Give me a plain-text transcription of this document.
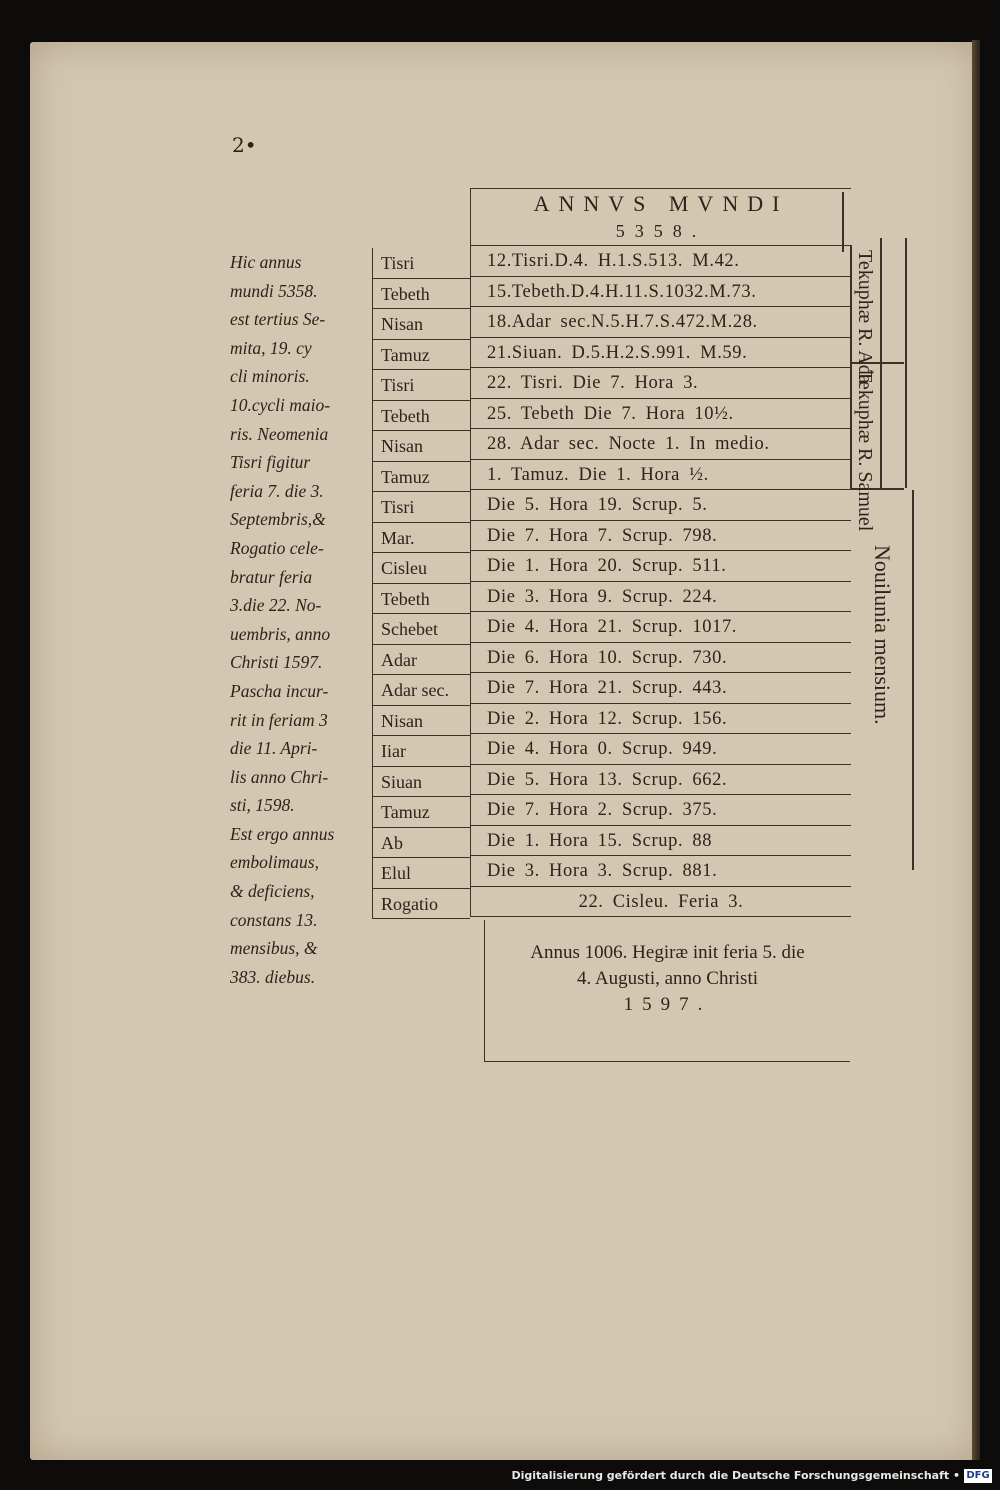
2•
Hic annus
mundi 5358.
est tertius Se-
mita, 19. cy
cli minoris.
10.cycli maio-
ris. Neomenia
Tisri figitur
feria 7. die 3.
Septembris,&
Rogatio cele-
bratur feria
3.die 22. No-
uembris, anno
Christi 1597.
Pascha incur-
rit in feriam 3
die 11. Apri-
lis anno Chri-
sti, 1598.
Est ergo annus
embolimaus,
& deficiens,
constans 13.
mensibus, &
383. diebus.
Tisri
Tebeth
Nisan
Tamuz
Tisri
Tebeth
Nisan
Tamuz
Tisri
Mar.
Cisleu
Tebeth
Schebet
Adar
Adar sec.
Nisan
Iiar
Siuan
Tamuz
Ab
Elul
Rogatio
ANNVS MVNDI
5358.
12.Tisri.D.4. H.1.S.513. M.42.
15.Tebeth.D.4.H.11.S.1032.M.73.
18.Adar sec.N.5.H.7.S.472.M.28.
21.Siuan. D.5.H.2.S.991. M.59.
22. Tisri. Die 7. Hora 3.
25. Tebeth Die 7. Hora 10½.
28. Adar sec. Nocte 1. In medio.
1. Tamuz. Die 1. Hora ½.
Die 5. Hora 19. Scrup. 5.
Die 7. Hora 7. Scrup. 798.
Die 1. Hora 20. Scrup. 511.
Die 3. Hora 9. Scrup. 224.
Die 4. Hora 21. Scrup. 1017.
Die 6. Hora 10. Scrup. 730.
Die 7. Hora 21. Scrup. 443.
Die 2. Hora 12. Scrup. 156.
Die 4. Hora 0. Scrup. 949.
Die 5. Hora 13. Scrup. 662.
Die 7. Hora 2. Scrup. 375.
Die 1. Hora 15. Scrup. 88
Die 3. Hora 3. Scrup. 881.
22. Cisleu. Feria 3.
Tekuphæ R. Ada
Tekuphæ R. Samuel
Nouilunia mensium.
Annus 1006. Hegiræ init feria 5. die
4. Augusti, anno Christi
1597.
Digitalisierung gefördert durch die Deutsche Forschungsgemeinschaft • DFG
